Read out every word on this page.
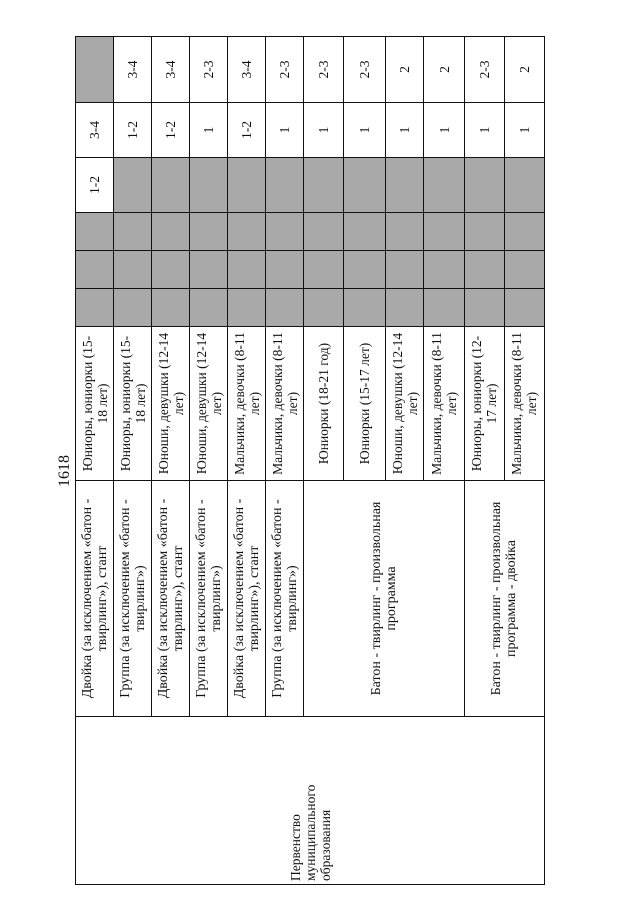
1618
Первенство муниципального образования	Двойка (за исключением «батон - твирлинг»), стант	Юниоры, юниорки (15-18 лет)				1-2	3-4	
	Группа (за исключением «батон - твирлинг»)	Юниоры, юниорки (15-18 лет)					1-2	3-4
	Двойка (за исключением «батон - твирлинг»), стант	Юноши, девушки (12-14 лет)					1-2	3-4
	Группа (за исключением «батон - твирлинг»)	Юноши, девушки (12-14 лет)					1	2-3
	Двойка (за исключением «батон - твирлинг»), стант	Мальчики, девочки (8-11 лет)					1-2	3-4
	Группа (за исключением «батон - твирлинг»)	Мальчики, девочки (8-11 лет)					1	2-3
	Батон - твирлинг - произвольная программа	Юниорки (18-21 год)					1	2-3
		Юниорки (15-17 лет)					1	2-3
		Юноши, девушки (12-14 лет)					1	2
		Мальчики, девочки (8-11 лет)					1	2
	Батон - твирлинг - произвольная программа - двойка	Юниоры, юниорки (12-17 лет)					1	2-3
		Мальчики, девочки (8-11 лет)					1	2
